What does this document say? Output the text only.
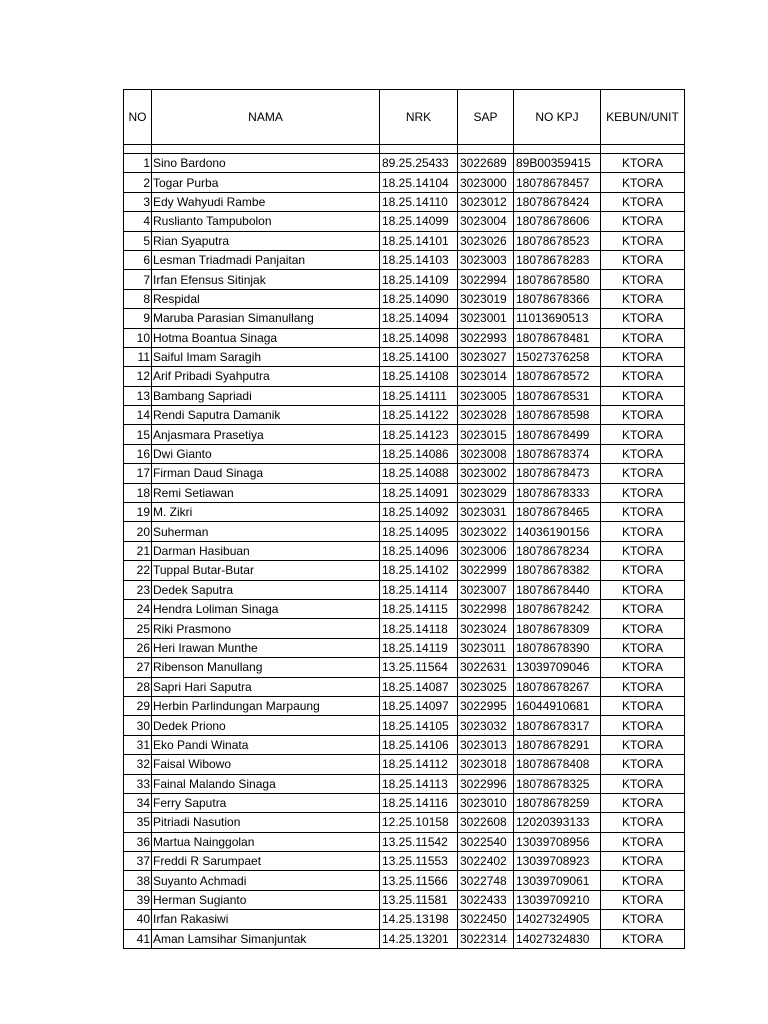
NO	NAMA	NRK	SAP	NO KPJ	KEBUN/UNIT

1	Sino Bardono	89.25.25433	3022689	89B00359415	KTORA
2	Togar Purba	18.25.14104	3023000	18078678457	KTORA
3	Edy Wahyudi Rambe	18.25.14110	3023012	18078678424	KTORA
4	Ruslianto Tampubolon	18.25.14099	3023004	18078678606	KTORA
5	Rian Syaputra	18.25.14101	3023026	18078678523	KTORA
6	Lesman Triadmadi Panjaitan	18.25.14103	3023003	18078678283	KTORA
7	Irfan Efensus Sitinjak	18.25.14109	3022994	18078678580	KTORA
8	Respidal	18.25.14090	3023019	18078678366	KTORA
9	Maruba Parasian Simanullang	18.25.14094	3023001	11013690513	KTORA
10	Hotma Boantua Sinaga	18.25.14098	3022993	18078678481	KTORA
11	Saiful Imam Saragih	18.25.14100	3023027	15027376258	KTORA
12	Arif Pribadi Syahputra	18.25.14108	3023014	18078678572	KTORA
13	Bambang Sapriadi	18.25.14111	3023005	18078678531	KTORA
14	Rendi Saputra Damanik	18.25.14122	3023028	18078678598	KTORA
15	Anjasmara Prasetiya	18.25.14123	3023015	18078678499	KTORA
16	Dwi Gianto	18.25.14086	3023008	18078678374	KTORA
17	Firman Daud Sinaga	18.25.14088	3023002	18078678473	KTORA
18	Remi Setiawan	18.25.14091	3023029	18078678333	KTORA
19	M. Zikri	18.25.14092	3023031	18078678465	KTORA
20	Suherman	18.25.14095	3023022	14036190156	KTORA
21	Darman Hasibuan	18.25.14096	3023006	18078678234	KTORA
22	Tuppal Butar-Butar	18.25.14102	3022999	18078678382	KTORA
23	Dedek Saputra	18.25.14114	3023007	18078678440	KTORA
24	Hendra Loliman Sinaga	18.25.14115	3022998	18078678242	KTORA
25	Riki Prasmono	18.25.14118	3023024	18078678309	KTORA
26	Heri Irawan Munthe	18.25.14119	3023011	18078678390	KTORA
27	Ribenson Manullang	13.25.11564	3022631	13039709046	KTORA
28	Sapri Hari Saputra	18.25.14087	3023025	18078678267	KTORA
29	Herbin Parlindungan Marpaung	18.25.14097	3022995	16044910681	KTORA
30	Dedek Priono	18.25.14105	3023032	18078678317	KTORA
31	Eko Pandi Winata	18.25.14106	3023013	18078678291	KTORA
32	Faisal Wibowo	18.25.14112	3023018	18078678408	KTORA
33	Fainal Malando Sinaga	18.25.14113	3022996	18078678325	KTORA
34	Ferry Saputra	18.25.14116	3023010	18078678259	KTORA
35	Pitriadi Nasution	12.25.10158	3022608	12020393133	KTORA
36	Martua Nainggolan	13.25.11542	3022540	13039708956	KTORA
37	Freddi R Sarumpaet	13.25.11553	3022402	13039708923	KTORA
38	Suyanto Achmadi	13.25.11566	3022748	13039709061	KTORA
39	Herman Sugianto	13.25.11581	3022433	13039709210	KTORA
40	Irfan Rakasiwi	14.25.13198	3022450	14027324905	KTORA
41	Aman Lamsihar Simanjuntak	14.25.13201	3022314	14027324830	KTORA
